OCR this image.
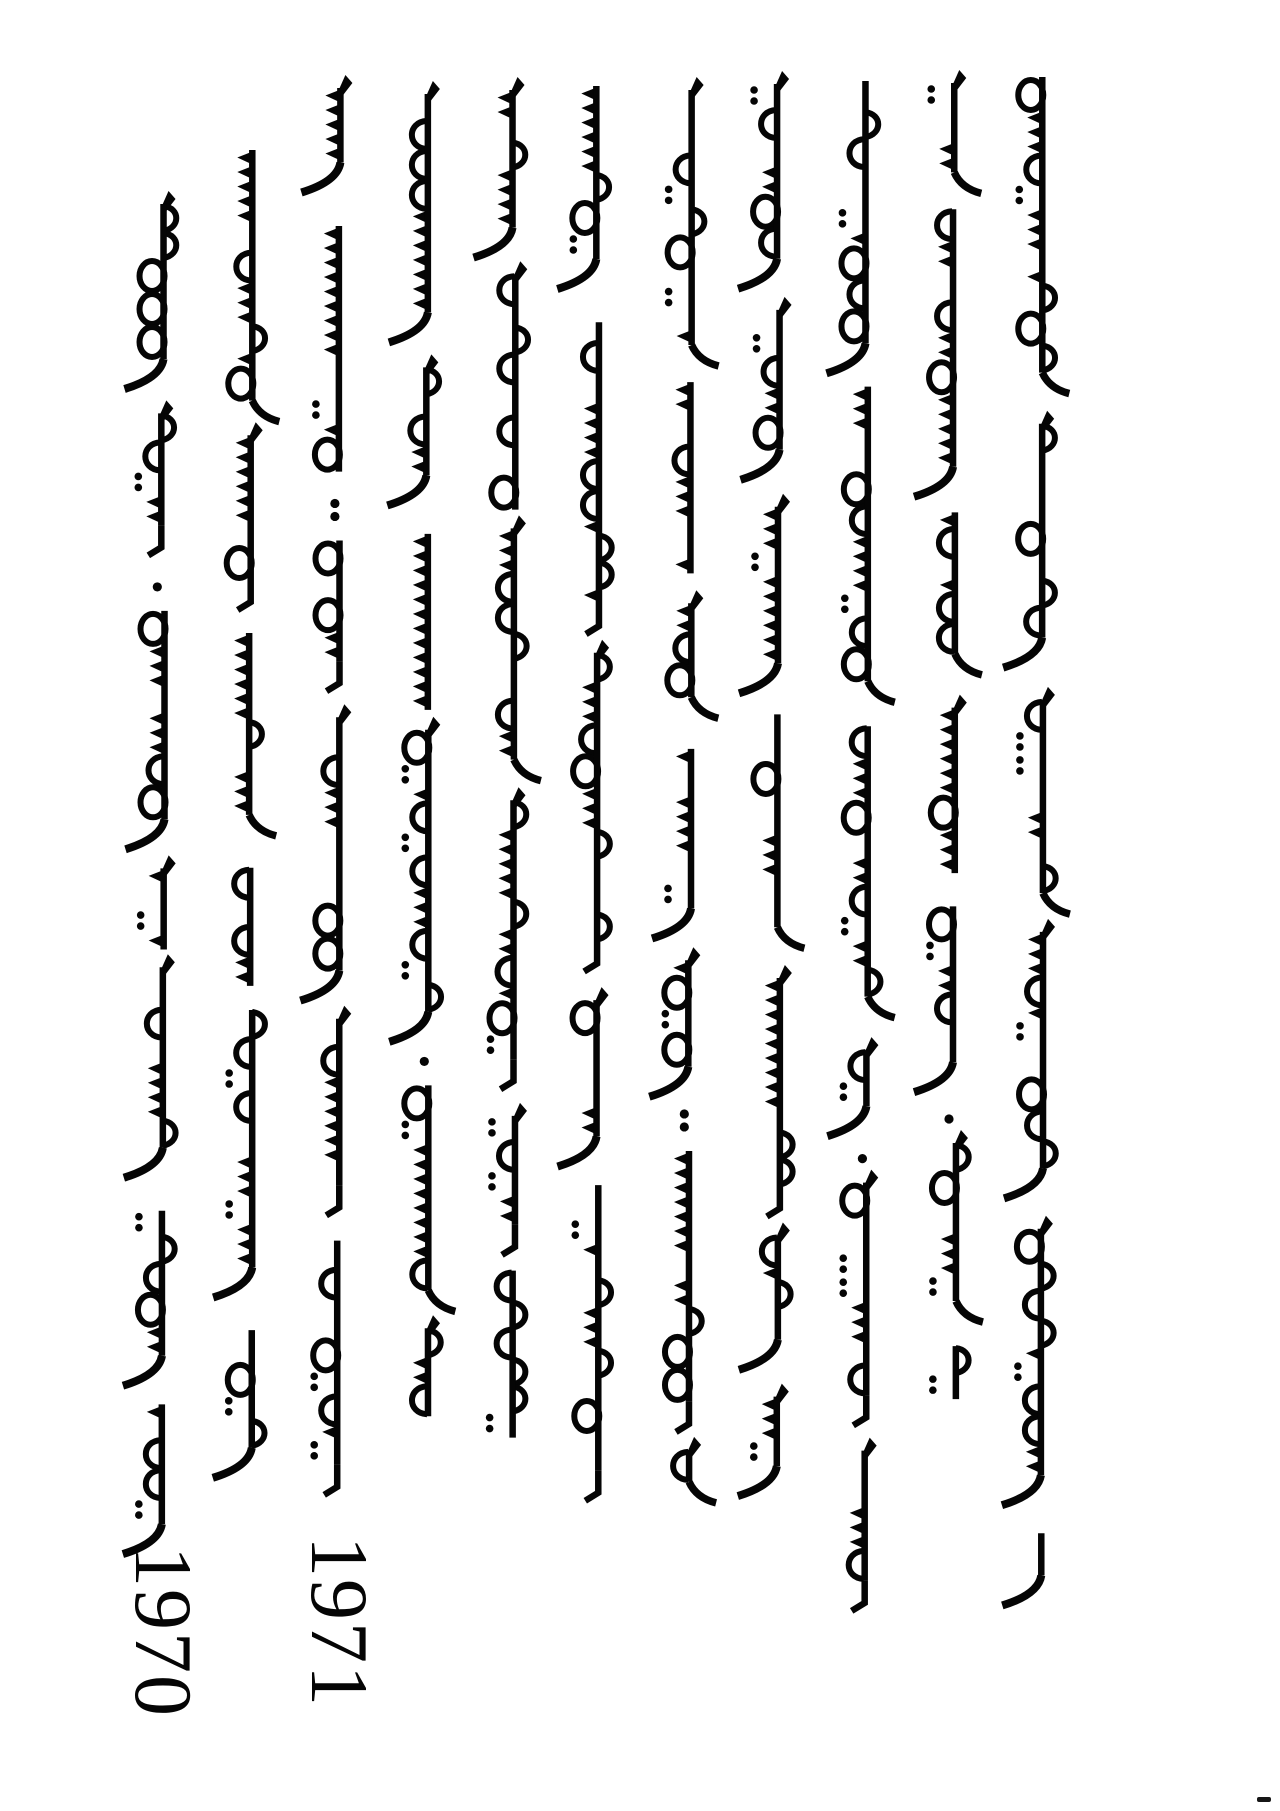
1970 1971
